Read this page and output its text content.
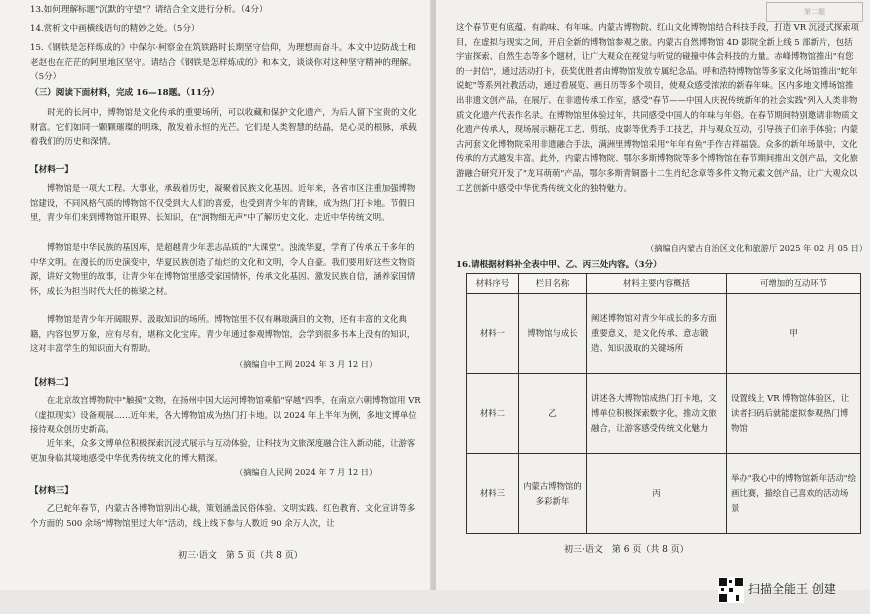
13.如何理解标题"沉默的守望"？请结合全文进行分析。（4分）
14.赏析文中画横线语句的精妙之处。（5分）
15.《钢铁是怎样炼成的》中保尔·柯察金在筑铁路时长期坚守信仰，为理想而奋斗。本文中边防战士和老赵也在茫茫的阿里地区坚守。请结合《钢铁是怎样炼成的》和本文，谈谈你对这种坚守精神的理解。（5分）
（三）阅读下面材料，完成 16—18题。（11分）
　　时光的长河中，博物馆是文化传承的重要场所，可以收藏和保护文化遗产，为后人留下宝贵的文化财富。它们如同一颗颗璀璨的明珠，散发着永恒的光芒。它们是人类智慧的结晶，是心灵的根脉，承载着我们的历史和深情。
【材料一】
　　博物馆是一项大工程、大事业，承载着历史，凝聚着民族文化基因。近年来，各省市区注重加强博物馆建设，不同风格气质的博物馆不仅受到大人们的喜爱，也受到青少年的青睐，成为热门打卡地。节假日里，青少年们来到博物馆开眼界、长知识，在"润物细无声"中了解历史文化、走近中华传统文明。
　　博物馆是中华民族的基因库，是超越青少年悲志品质的"大课堂"。浊流华夏，学育了传承五千多年的中华文明。在漫长的历史演变中，华夏民族创造了灿烂的文化和文明，令人自豪。我们要用好这些文物资源，讲好文物里的故事，让青少年在博物馆里感受家国情怀，传承文化基因、激发民族自信，涵养家国情怀，成长为担当时代大任的栋梁之材。
　　博物馆是青少年开阔眼界、汲取知识的场所。博物馆里不仅有琳琅满目的文物，还有丰富的文化典籍，内容包罗万象，应有尽有，堪称文化宝库。青少年通过参观博物馆，会学到很多书本上没有的知识，这对丰富学生的知识面大有帮助。
（摘编自中工网 2024 年 3 月 12 日）
【材料二】
　　在北京故宫博物院中"触摸"文物，在扬州中国大运河博物馆乘船"穿越"四季，在南京六朝博物馆用 VR（虚拟现实）设备观展……近年来，各大博物馆成为热门打卡地。以 2024 年上半年为例，多地文博单位接待观众创历史新高。
　　近年来，众多文博单位积极探索沉浸式展示与互动体验，让科技为文旅深度融合注入新动能，让游客更加身临其境地感受中华优秀传统文化的博大精深。
（摘编自人民网 2024 年 7 月 12 日）
【材料三】
　　乙巳蛇年春节，内蒙古各博物馆别出心裁，策划涵盖民俗体验、文明实践、红色教育、文化宣讲等多个方面的 500 余场"博物馆里过大年"活动，线上线下参与人数近 90 余万人次，让
初三·语文　第 5 页（共 8 页）
第二题
这个春节更有底蕴、有韵味、有年味。内蒙古博物院、红山文化博物馆结合科技手段，打造 VR 沉浸式探索项目，在虚拟与现实之间，开启全新的博物馆参观之旅。内蒙古自然博物馆 4D 影院全新上线 5 部新片，包括宇宙探索、自然生态等多个题材，让广大观众在视觉与听觉的碰撞中体会科技的力量。赤峰博物馆推出"有您的一封信"，通过活动打卡，获奖优胜者由博物馆发放专属纪念品。呼和浩特博物馆等多家文化场馆推出"蛇年说蛇"等系列社教活动，通过看展览、画日历等多个项目，使观众感受浓浓的新春年味。区内多地文博场馆推出非遗文创产品，在展厅、在非遗传承工作室，感受"春节——中国人庆祝传统新年的社会实践"列入人类非物质文化遗产代表作名录。在博物馆里体验过年，共同感受中国人的年味与年俗。在春节期间特别邀请非物质文化遗产传承人，现场展示糖花工艺、剪纸、皮影等优秀手工技艺，并与观众互动，引导孩子们亲手体验；内蒙古河套文化博物院采用非遗融合手法，满洲里博物馆采用"年年有鱼"手作吉祥福袋。众多的新年场景中，文化传承的方式越发丰富。此外，内蒙古博物院、鄂尔多斯博物院等多个博物馆在春节期间推出文创产品，文化旅游融合研究开发了"龙耳萌萌"产品，鄂尔多斯青铜器十二生肖纪念章等多件文物元素文创产品，让广大观众以工艺创新中感受中华优秀传统文化的独特魅力。
（摘编自内蒙古自治区文化和旅游厅 2025 年 02 月 05 日）
16.请根据材料补全表中甲、乙、丙三处内容。（3分）
材料序号	栏目名称	材料主要内容概括	可增加的互动环节
材料一	博物馆与成长	阐述博物馆对青少年成长的多方面重要意义，是文化传承、意志锻造、知识汲取的关键场所	甲
材料二	乙	讲述各大博物馆成热门打卡地，文博单位积极探索数字化，推动文旅融合，让游客感受传统文化魅力	设置线上 VR 博物馆体验区，让读者扫码后就能虚拟参观热门博物馆
材料三	内蒙古博物馆的多彩新年	丙	举办"我心中的博物馆新年活动"绘画比赛，描绘自己喜欢的活动场景
初三·语文　第 6 页（共 8 页）
扫描全能王 创建
